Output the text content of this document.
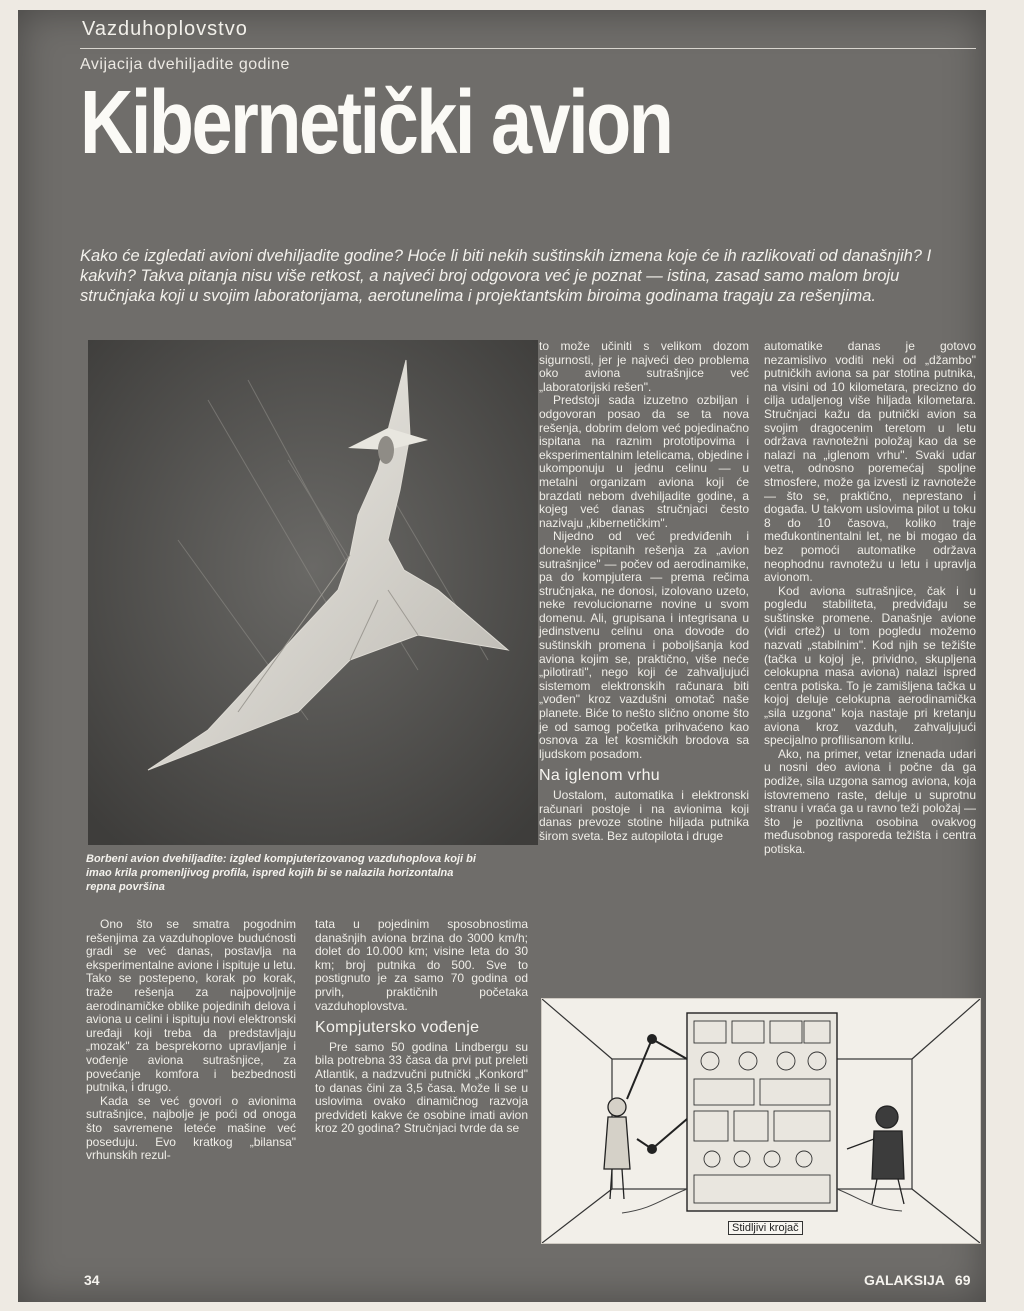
Vazduhoplovstvo
Avijacija dvehiljadite godine
Kibernetički avion
Kako će izgledati avioni dvehiljadite godine? Hoće li biti nekih suštinskih izmena koje će ih razlikovati od današnjih? I kakvih? Takva pitanja nisu više retkost, a najveći broj odgovora već je poznat — istina, zasad samo malom broju stručnjaka koji u svojim laboratorijama, aerotunelima i projektantskim biroima godinama tragaju za rešenjima.
Borbeni avion dvehiljadite: izgled kompjuterizovanog vazduhoplova koji bi imao krila promenljivog profila, ispred kojih bi se nalazila horizontalna repna površina

Ono što se smatra pogodnim rešenjima za vazduhoplove budućnosti gradi se već danas, postavlja na eksperimentalne avione i ispituje u letu. Tako se postepeno, korak po korak, traže rešenja za najpovoljnije aerodinamičke oblike pojedinih delova i aviona u celini i ispituju novi elektronski uređaji koji treba da predstavljaju „mozak" za besprekorno upravljanje i vođenje aviona sutrašnjice, za povećanje komfora i bezbednosti putnika, i drugo.

Kada se već govori o avionima sutrašnjice, najbolje je poći od onoga što savremene leteće mašine već poseduju. Evo kratkog „bilansa" vrhunskih rezul-

tata u pojedinim sposobnostima današnjih aviona brzina do 3000 km/h; dolet do 10.000 km; visine leta do 30 km; broj putnika do 500. Sve to postignuto je za samo 70 godina od prvih, praktičnih početaka vazduhoplovstva.

Kompjutersko vođenje

Pre samo 50 godina Lindbergu su bila potrebna 33 časa da prvi put preleti Atlantik, a nadzvučni putnički „Konkord" to danas čini za 3,5 časa. Može li se u uslovima ovako dinamičnog razvoja predvideti kakve će osobine imati avion kroz 20 godina? Stručnjaci tvrde da se

to može učiniti s velikom dozom sigurnosti, jer je najveći deo problema oko aviona sutrašnjice već „laboratorijski rešen".

Predstoji sada izuzetno ozbiljan i odgovoran posao da se ta nova rešenja, dobrim delom već pojedinačno ispitana na raznim prototipovima i eksperimentalnim letelicama, objedine i ukomponuju u jednu celinu — u metalni organizam aviona koji će brazdati nebom dvehiljadite godine, a kojeg već danas stručnjaci često nazivaju „kibernetičkim".

Nijedno od već predviđenih i donekle ispitanih rešenja za „avion sutrašnjice" — počev od aerodinamike, pa do kompjutera — prema rečima stručnjaka, ne donosi, izolovano uzeto, neke revolucionarne novine u svom domenu. Ali, grupisana i integrisana u jedinstvenu celinu ona dovode do suštinskih promena i poboljšanja kod aviona kojim se, praktično, više neće „pilotirati", nego koji će zahvaljujući sistemom elektronskih računara biti „vođen" kroz vazdušni omotač naše planete. Biće to nešto slično onome što je od samog početka prihvaćeno kao osnova za let kosmičkih brodova sa ljudskom posadom.

Na iglenom vrhu

Uostalom, automatika i elektronski računari postoje i na avionima koji danas prevoze stotine hiljada putnika širom sveta. Bez autopilota i druge

automatike danas je gotovo nezamislivo voditi neki od „džambo" putničkih aviona sa par stotina putnika, na visini od 10 kilometara, precizno do cilja udaljenog više hiljada kilometara. Stručnjaci kažu da putnički avion sa svojim dragocenim teretom u letu održava ravnotežni položaj kao da se nalazi na „iglenom vrhu". Svaki udar vetra, odnosno poremećaj spoljne stmosfere, može ga izvesti iz ravnoteže — što se, praktično, neprestano i događa. U takvom uslovima pilot u toku 8 do 10 časova, koliko traje međukontinentalni let, ne bi mogao da bez pomoći automatike održava neophodnu ravnotežu u letu i upravlja avionom.

Kod aviona sutrašnjice, čak i u pogledu stabiliteta, predviđaju se suštinske promene. Današnje avione (vidi crtež) u tom pogledu možemo nazvati „stabilnim". Kod njih se težište (tačka u kojoj je, prividno, skupljena celokupna masa aviona) nalazi ispred centra potiska. To je zamišljena tačka u kojoj deluje celokupna aerodinamička „sila uzgona" koja nastaje pri kretanju aviona kroz vazduh, zahvaljujući specijalno profilisanom krilu.

Ako, na primer, vetar iznenada udari u nosni deo aviona i počne da ga podiže, sila uzgona samog aviona, koja istovremeno raste, deluje u suprotnu stranu i vraća ga u ravno teži položaj — što je pozitivna osobina ovakvog međusobnog rasporeda težišta i centra potiska.

Stidljivi krojač
34	GALAKSIJA 69
